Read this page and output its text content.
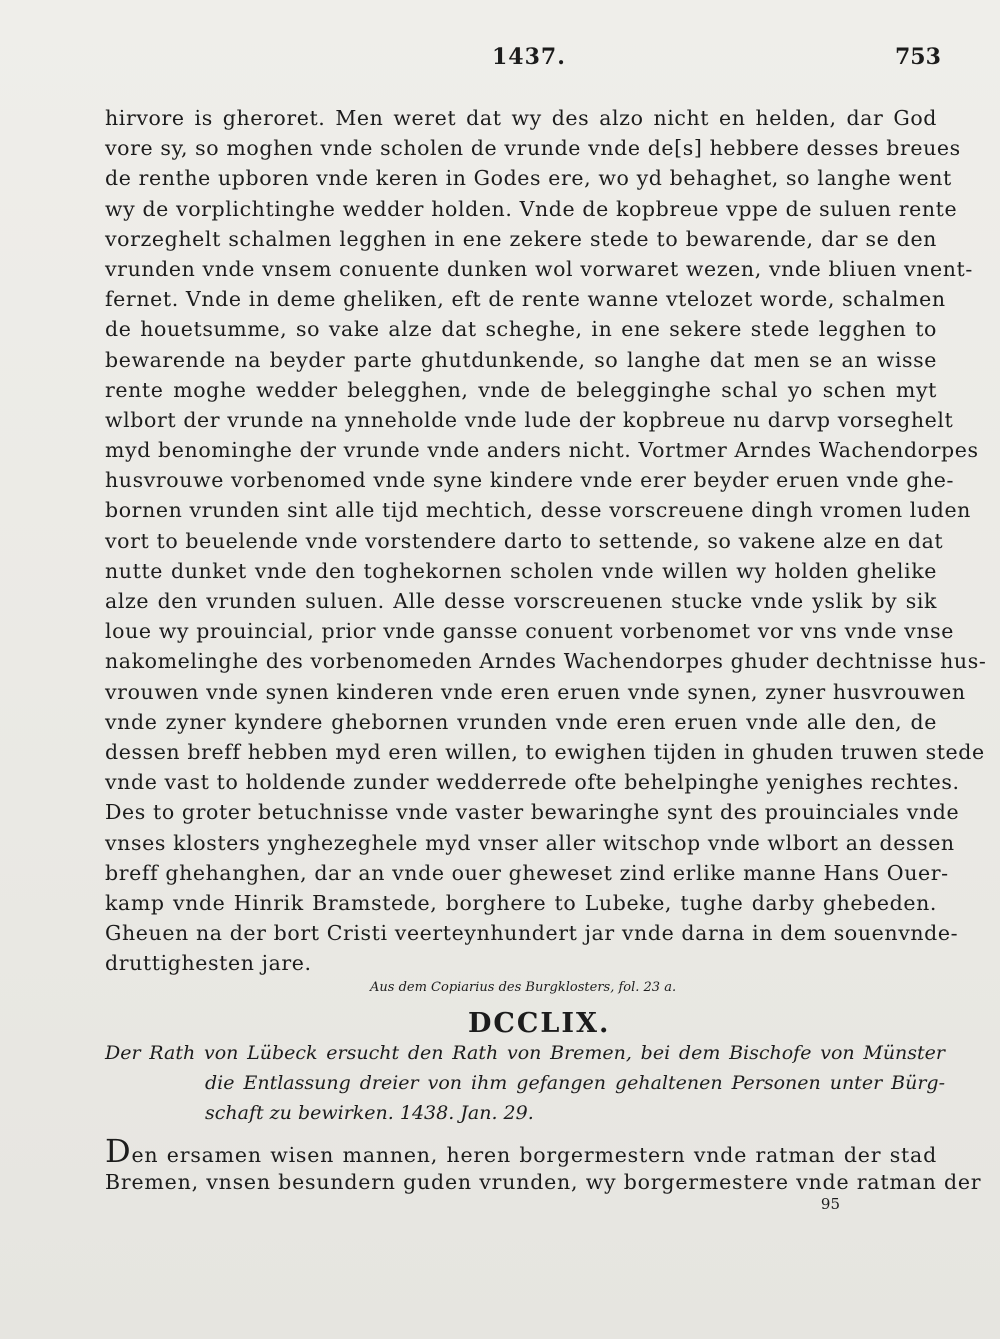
1437.	753
hirvore is gheroret. Men weret dat wy des alzo nicht en helden, dar God
vore sy, so moghen vnde scholen de vrunde vnde de[s] hebbere desses breues
de renthe upboren vnde keren in Godes ere, wo yd behaghet, so langhe went
wy de vorplichtinghe wedder holden. Vnde de kopbreue vppe de suluen rente
vorzeghelt schalmen legghen in ene zekere stede to bewarende, dar se den
vrunden vnde vnsem conuente dunken wol vorwaret wezen, vnde bliuen vnent-
fernet. Vnde in deme gheliken, eft de rente wanne vtelozet worde, schalmen
de houetsumme, so vake alze dat scheghe, in ene sekere stede legghen to
bewarende na beyder parte ghutdunkende, so langhe dat men se an wisse
rente moghe wedder belegghen, vnde de belegginghe schal yo schen myt
wlbort der vrunde na ynneholde vnde lude der kopbreue nu darvp vorseghelt
myd benominghe der vrunde vnde anders nicht. Vortmer Arndes Wachendorpes
husvrouwe vorbenomed vnde syne kindere vnde erer beyder eruen vnde ghe-
bornen vrunden sint alle tijd mechtich, desse vorscreuene dingh vromen luden
vort to beuelende vnde vorstendere darto to settende, so vakene alze en dat
nutte dunket vnde den toghekornen scholen vnde willen wy holden ghelike
alze den vrunden suluen. Alle desse vorscreuenen stucke vnde yslik by sik
loue wy prouincial, prior vnde gansse conuent vorbenomet vor vns vnde vnse
nakomelinghe des vorbenomeden Arndes Wachendorpes ghuder dechtnisse hus-
vrouwen vnde synen kinderen vnde eren eruen vnde synen, zyner husvrouwen
vnde zyner kyndere ghebornen vrunden vnde eren eruen vnde alle den, de
dessen breff hebben myd eren willen, to ewighen tijden in ghuden truwen stede
vnde vast to holdende zunder wedderrede ofte behelpinghe yenighes rechtes.
Des to groter betuchnisse vnde vaster bewaringhe synt des prouinciales vnde
vnses klosters ynghezeghele myd vnser aller witschop vnde wlbort an dessen
breff ghehanghen, dar an vnde ouer gheweset zind erlike manne Hans Ouer-
kamp vnde Hinrik Bramstede, borghere to Lubeke, tughe darby ghebeden.
Gheuen na der bort Cristi veerteynhundert jar vnde darna in dem souenvnde-
druttighesten jare.
Aus dem Copiarius des Burgklosters, fol. 23 a.
DCCLIX.
Der Rath von Lübeck ersucht den Rath von Bremen, bei dem Bischofe von Münster
die Entlassung dreier von ihm gefangen gehaltenen Personen unter Bürg-
schaft zu bewirken. 1438. Jan. 29.
Den ersamen wisen mannen, heren borgermestern vnde ratman der stad
Bremen, vnsen besundern guden vrunden, wy borgermestere vnde ratman der
95
